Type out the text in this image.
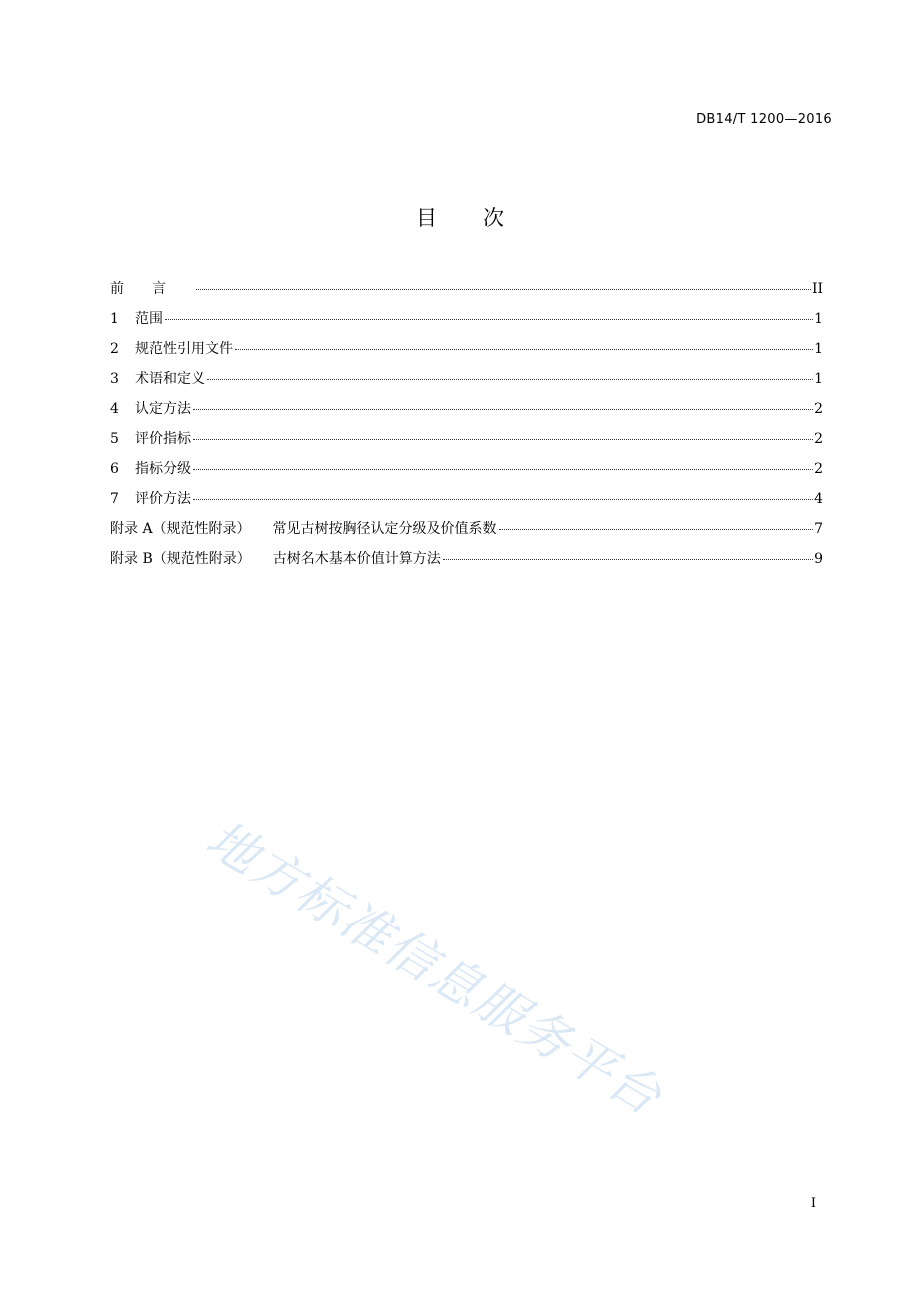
DB14/T 1200—2016
目次
前言	II
1	范围	1
2	规范性引用文件	1
3	术语和定义	1
4	认定方法	2
5	评价指标	2
6	指标分级	2
7	评价方法	4
附录 A（规范性附录） 常见古树按胸径认定分级及价值系数	7
附录 B（规范性附录） 古树名木基本价值计算方法	9
地方标准信息服务平台
I
